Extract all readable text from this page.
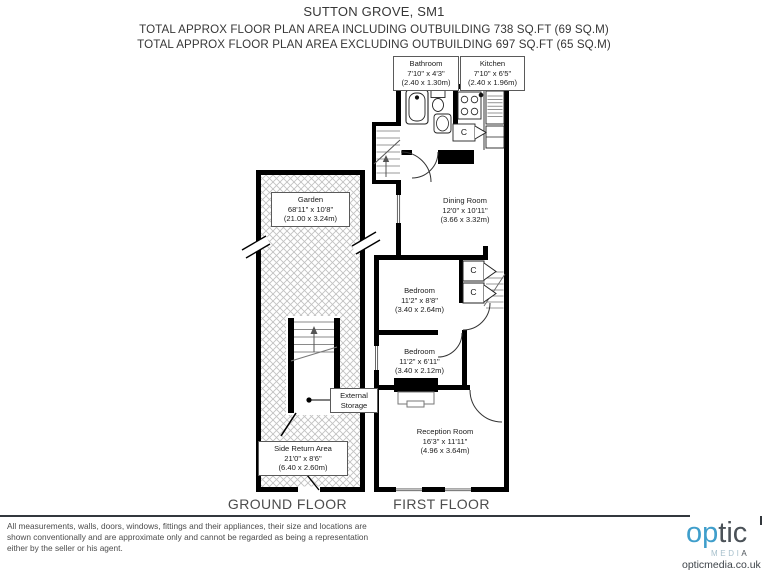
SUTTON GROVE, SM1
TOTAL APPROX FLOOR PLAN AREA INCLUDING OUTBUILDING 738 SQ.FT (69 SQ.M)
TOTAL APPROX FLOOR PLAN AREA EXCLUDING OUTBUILDING 697 SQ.FT (65 SQ.M)
Bathroom
7'10" x 4'3"
(2.40 x 1.30m)
Kitchen
7'10" x 6'5"
(2.40 x 1.96m)
Dining Room
12'0" x 10'11"
(3.66 x 3.32m)
Bedroom
11'2" x 8'8"
(3.40 x 2.64m)
Bedroom
11'2" x 6'11"
(3.40 x 2.12m)
Reception Room
16'3" x 11'11"
(4.96 x 3.64m)
Garden
68'11" x 10'8"
(21.00 x 3.24m)
Side Return Area
21'0" x 8'6"
(6.40 x 2.60m)
External
Storage
C
C
C
GROUND FLOOR	FIRST FLOOR
All measurements, walls, doors, windows, fittings and their appliances, their size and locations are
shown conventionally and are approximate only and cannot be regarded as being a representation
either by the seller or his agent.	optic
MEDIA
opticmedia.co.uk
